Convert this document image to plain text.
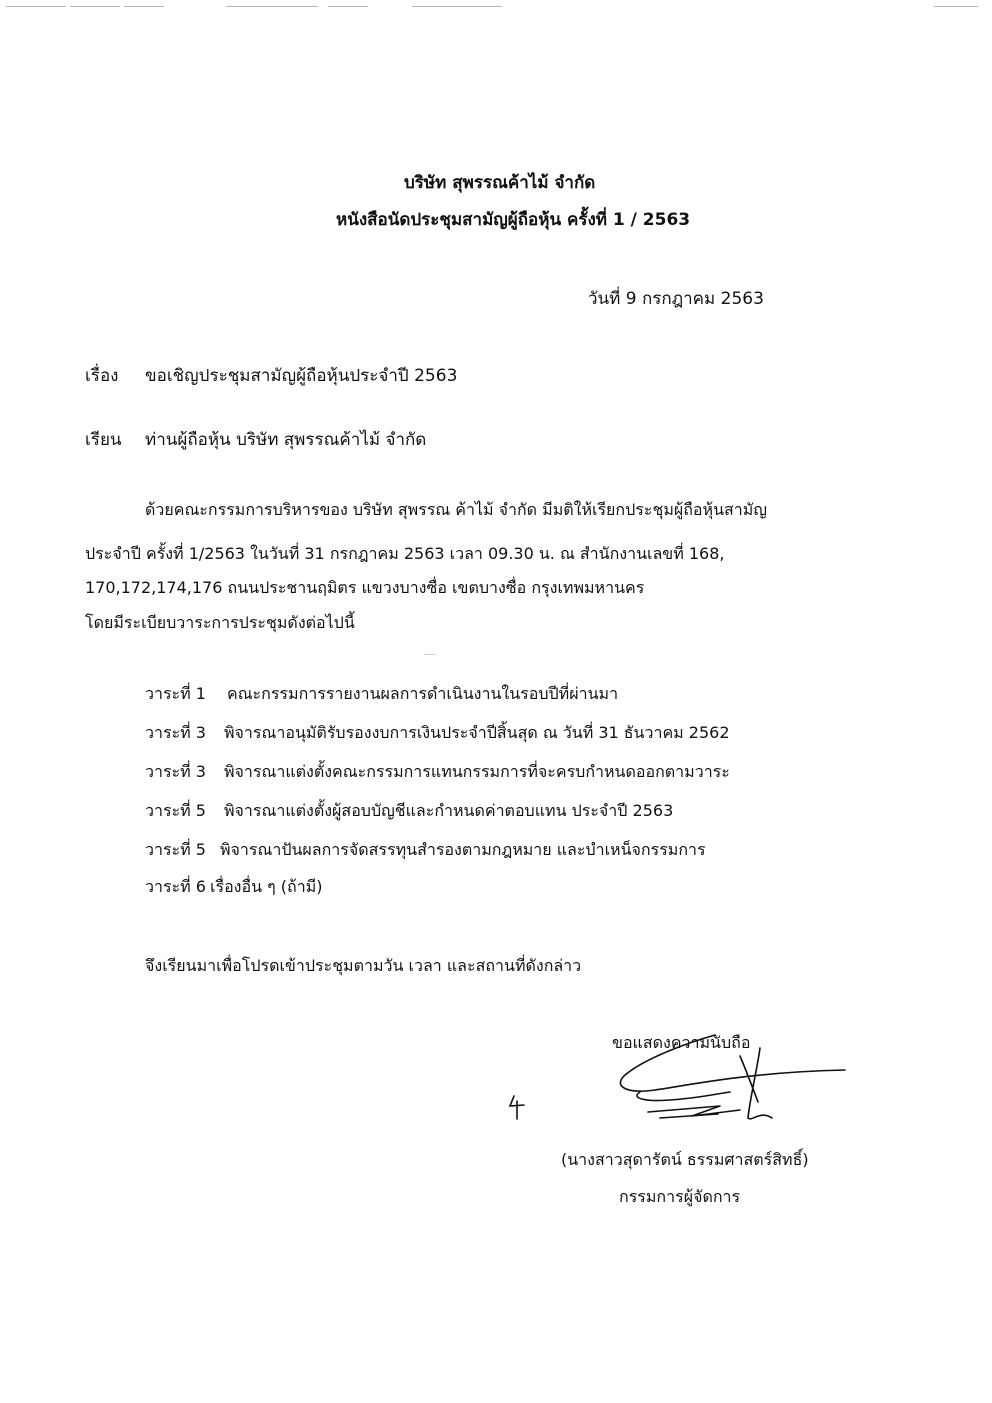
บริษัท สุพรรณค้าไม้ จำกัด
หนังสือนัดประชุมสามัญผู้ถือหุ้น ครั้งที่ 1 / 2563
วันที่ 9 กรกฎาคม 2563
เรื่อง ขอเชิญประชุมสามัญผู้ถือหุ้นประจำปี 2563
เรียน ท่านผู้ถือหุ้น บริษัท สุพรรณค้าไม้ จำกัด
ด้วยคณะกรรมการบริหารของ บริษัท สุพรรณ ค้าไม้ จำกัด มีมติให้เรียกประชุมผู้ถือหุ้นสามัญ
ประจำปี ครั้งที่ 1/2563 ในวันที่ 31 กรกฎาคม 2563 เวลา 09.30 น. ณ สำนักงานเลขที่ 168,
170,172,174,176 ถนนประชานฤมิตร แขวงบางซื่อ เขตบางซื่อ กรุงเทพมหานคร
โดยมีระเบียบวาระการประชุมดังต่อไปนี้
วาระที่ 1 คณะกรรมการรายงานผลการดำเนินงานในรอบปีที่ผ่านมา
วาระที่ 3 พิจารณาอนุมัติรับรองงบการเงินประจำปีสิ้นสุด ณ วันที่ 31 ธันวาคม 2562
วาระที่ 3 พิจารณาแต่งตั้งคณะกรรมการแทนกรรมการที่จะครบกำหนดออกตามวาระ
วาระที่ 5 พิจารณาแต่งตั้งผู้สอบบัญชีและกำหนดค่าตอบแทน ประจำปี 2563
วาระที่ 5 พิจารณาปันผลการจัดสรรทุนสำรองตามกฎหมาย และบำเหน็จกรรมการ
วาระที่ 6 เรื่องอื่น ๆ (ถ้ามี)
จึงเรียนมาเพื่อโปรดเข้าประชุมตามวัน เวลา และสถานที่ดังกล่าว
ขอแสดงความนับถือ
(นางสาวสุดารัตน์ ธรรมศาสตร์สิทธิ์)
กรรมการผู้จัดการ
